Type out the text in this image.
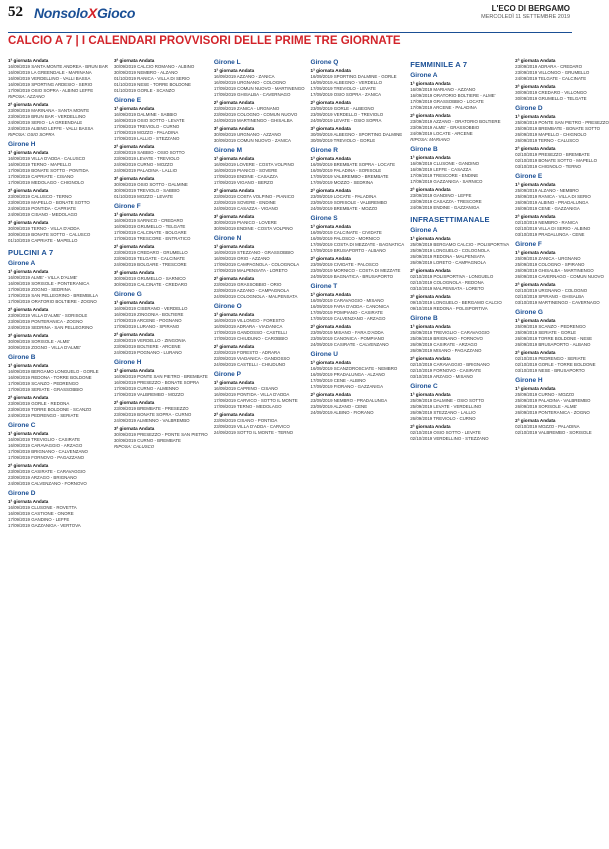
52 NonsoloXGioco	L'ECO DI BERGAMO
MERCOLEDÌ 11 SETTEMBRE 2019
CALCIO A 7 | I CALENDARI PROVVISORI DELLE PRIME TRE GIORNATE
1ª giornata Andata
16/09/2019 SANTA MONTE ANDREA - BRUN BAR
16/09/2019 LA GREENDALE - MARINANA
16/09/2019 VERDELLINO - VALLI BASSA
16/09/2019 SPORTING ARDESIO - SERIO
17/09/2019 OSIO SOPRA - ALBINO LEFFE
RIPOSA: AZZANO
2ª giornata Andata
23/09/2019 MARINANA - SANTA MONTE
23/09/2019 BRUN BAR - VERDELLINO
24/09/2019 SERIO - LA GREENDALE
24/09/2019 ALBINO LEFFE - VALLI BASSA
RIPOSA: OSIO SOPRA
Girone H
1ª giornata Andata
16/09/2019 VILLA D'ADDA - CALUSCO
16/09/2019 TERNO - MAPELLO
17/09/2019 BONATE SOTTO - PONTIDA
17/09/2019 CAPRIATE - CISANO
17/09/2019 MEDOLAGO - CHIGNOLO
2ª giornata Andata
23/09/2019 CALUSCO - TERNO
23/09/2019 MAPELLO - BONATE SOTTO
24/09/2019 PONTIDA - CAPRIATE
24/09/2019 CISANO - MEDOLAGO
3ª giornata Andata
30/09/2019 TERNO - VILLA D'ADDA
30/09/2019 BONATE SOTTO - CALUSCO
01/10/2019 CAPRIATE - MAPELLO
PULCINI A 7
Girone A
1ª giornata Andata
16/09/2019 ALME' - VILLA D'ALME'
16/09/2019 SORISOLE - PONTERANICA
17/09/2019 ZOGNO - SEDRINA
17/09/2019 SAN PELLEGRINO - BREMBILLA
17/09/2019 ORATORIO BOLTIERE - ZOGNO
2ª giornata Andata
23/09/2019 VILLA D'ALME' - SORISOLE
23/09/2019 PONTERANICA - ZOGNO
24/09/2019 SEDRINA - SAN PELLEGRINO
3ª giornata Andata
30/09/2019 SORISOLE - ALME'
30/09/2019 ZOGNO - VILLA D'ALME'
Girone B
1ª giornata Andata
16/09/2019 BERGAMO LONGUELO - GORLE
16/09/2019 REDONA - TORRE BOLDONE
17/09/2019 SCANZO - PEDRENGO
17/09/2019 SERIATE - GRASSOBBIO
2ª giornata Andata
23/09/2019 GORLE - REDONA
23/09/2019 TORRE BOLDONE - SCANZO
24/09/2019 PEDRENGO - SERIATE
Girone C
1ª giornata Andata
16/09/2019 TREVIGLIO - CASIRATE
16/09/2019 CARAVAGGIO - ARZAGO
17/09/2019 BRIGNANO - CALVENZANO
17/09/2019 FORNOVO - PAGAZZANO
2ª giornata Andata
23/09/2019 CASIRATE - CARAVAGGIO
23/09/2019 ARZAGO - BRIGNANO
24/09/2019 CALVENZANO - FORNOVO
Girone D
1ª giornata Andata
16/09/2019 CLUSONE - ROVETTA
16/09/2019 CASTIONE - ONORE
17/09/2019 GANDINO - LEFFE
17/09/2019 GAZZANIGA - VERTOVA
3ª giornata Andata
30/09/2019 CALCIO ROMANO - ALBINO
30/09/2019 NEMBRO - ALZANO
01/10/2019 RANICA - VILLA DI SERIO
01/10/2019 NESE - TORRE BOLDONE
01/10/2019 GORLE - SCANZO
Girone E
1ª giornata Andata
16/09/2019 DALMINE - SABBIO
16/09/2019 OSIO SOTTO - LEVATE
17/09/2019 TREVIOLO - CURNO
17/09/2019 MOZZO - PALADINA
17/09/2019 LALLIO - STEZZANO
2ª giornata Andata
23/09/2019 SABBIO - OSIO SOTTO
23/09/2019 LEVATE - TREVIOLO
24/09/2019 CURNO - MOZZO
24/09/2019 PALADINA - LALLIO
3ª giornata Andata
30/09/2019 OSIO SOTTO - DALMINE
30/09/2019 TREVIOLO - SABBIO
01/10/2019 MOZZO - LEVATE
Girone F
1ª giornata Andata
16/09/2019 SARNICO - CREDARO
16/09/2019 GRUMELLO - TELGATE
17/09/2019 CALCINATE - BOLGARE
17/09/2019 TRESCORE - ENTRATICO
2ª giornata Andata
23/09/2019 CREDARO - GRUMELLO
23/09/2019 TELGATE - CALCINATE
24/09/2019 BOLGARE - TRESCORE
3ª giornata Andata
30/09/2019 GRUMELLO - SARNICO
30/09/2019 CALCINATE - CREDARO
Girone G
1ª giornata Andata
16/09/2019 CISERANO - VERDELLO
16/09/2019 ZINGONIA - BOLTIERE
17/09/2019 ARCENE - POGNANO
17/09/2019 LURANO - SPIRANO
2ª giornata Andata
23/09/2019 VERDELLO - ZINGONIA
23/09/2019 BOLTIERE - ARCENE
24/09/2019 POGNANO - LURANO
Girone H
1ª giornata Andata
16/09/2019 PONTE SAN PIETRO - BREMBATE
16/09/2019 PRESEZZO - BONATE SOPRA
17/09/2019 CURNO - ALMENNO
17/09/2019 VALBREMBO - MOZZO
2ª giornata Andata
23/09/2019 BREMBATE - PRESEZZO
23/09/2019 BONATE SOPRA - CURNO
24/09/2019 ALMENNO - VALBREMBO
3ª giornata Andata
30/09/2019 PRESEZZO - PONTE SAN PIETRO
30/09/2019 CURNO - BREMBATE
RIPOSA: CALUSCO
Girone L
1ª giornata Andata
16/09/2019 AZZANO - ZANICA
16/09/2019 URGNANO - COLOGNO
17/09/2019 COMUN NUOVO - MARTINENGO
17/09/2019 GHISALBA - CAVERNAGO
2ª giornata Andata
23/09/2019 ZANICA - URGNANO
23/09/2019 COLOGNO - COMUN NUOVO
24/09/2019 MARTINENGO - GHISALBA
3ª giornata Andata
30/09/2019 URGNANO - AZZANO
30/09/2019 COMUN NUOVO - ZANICA
Girone M
1ª giornata Andata
16/09/2019 LOVERE - COSTA VOLPINO
16/09/2019 PIANICO - SOVERE
17/09/2019 ENDINE - CASAZZA
17/09/2019 VIGANO - BERZO
2ª giornata Andata
23/09/2019 COSTA VOLPINO - PIANICO
23/09/2019 SOVERE - ENDINE
24/09/2019 CASAZZA - VIGANO
3ª giornata Andata
30/09/2019 PIANICO - LOVERE
30/09/2019 ENDINE - COSTA VOLPINO
Girone N
1ª giornata Andata
16/09/2019 STEZZANO - GRASSOBBIO
16/09/2019 ORIO - AZZANO
17/09/2019 CAMPAGNOLA - COLOGNOLA
17/09/2019 MALPENSATA - LORETO
2ª giornata Andata
23/09/2019 GRASSOBBIO - ORIO
23/09/2019 AZZANO - CAMPAGNOLA
24/09/2019 COLOGNOLA - MALPENSATA
Girone O
1ª giornata Andata
16/09/2019 VILLONGO - FORESTO
16/09/2019 ADRARA - VIADANICA
17/09/2019 GANDOSSO - CASTELLI
17/09/2019 CHIUDUNO - CAROBBIO
2ª giornata Andata
23/09/2019 FORESTO - ADRARA
23/09/2019 VIADANICA - GANDOSSO
24/09/2019 CASTELLI - CHIUDUNO
Girone P
1ª giornata Andata
16/09/2019 CAPRINO - CISANO
16/09/2019 PONTIDA - VILLA D'ADDA
17/09/2019 CARVICO - SOTTO IL MONTE
17/09/2019 TERNO - MEDOLAGO
2ª giornata Andata
23/09/2019 CISANO - PONTIDA
23/09/2019 VILLA D'ADDA - CARVICO
24/09/2019 SOTTO IL MONTE - TERNO
Girone Q
1ª giornata Andata
16/09/2019 SPORTING DALMINE - GORLE
16/09/2019 ALBEGNO - VERDELLO
17/09/2019 TREVIOLO - LEVATE
17/09/2019 OSIO SOPRA - ZANICA
2ª giornata Andata
23/09/2019 GORLE - ALBEGNO
23/09/2019 VERDELLO - TREVIOLO
24/09/2019 LEVATE - OSIO SOPRA
3ª giornata Andata
30/09/2019 ALBEGNO - SPORTING DALMINE
30/09/2019 TREVIOLO - GORLE
Girone R
1ª giornata Andata
16/09/2019 BREMBATE SOPRA - LOCATE
16/09/2019 PALADINA - SORISOLE
17/09/2019 VALBREMBO - BREMBATE
17/09/2019 MOZZO - SEDRINA
2ª giornata Andata
23/09/2019 LOCATE - PALADINA
23/09/2019 SORISOLE - VALBREMBO
24/09/2019 BREMBATE - MOZZO
Girone S
1ª giornata Andata
16/09/2019 CALCINATE - CIVIDATE
16/09/2019 PALOSCO - MORNICO
17/09/2019 COSTA DI MEZZATE - BAGNATICA
17/09/2019 BRUSAPORTO - ALBANO
2ª giornata Andata
23/09/2019 CIVIDATE - PALOSCO
23/09/2019 MORNICO - COSTA DI MEZZATE
24/09/2019 BAGNATICA - BRUSAPORTO
Girone T
1ª giornata Andata
16/09/2019 CARAVAGGIO - MISANO
16/09/2019 FARA D'ADDA - CANONICA
17/09/2019 POMPIANO - CASIRATE
17/09/2019 CALVENZANO - ARZAGO
2ª giornata Andata
23/09/2019 MISANO - FARA D'ADDA
23/09/2019 CANONICA - POMPIANO
24/09/2019 CASIRATE - CALVENZANO
Girone U
1ª giornata Andata
16/09/2019 SCANZOROSCIATE - NEMBRO
16/09/2019 PRADALUNGA - ALZANO
17/09/2019 CENE - ALBINO
17/09/2019 FIORANO - GAZZANIGA
2ª giornata Andata
23/09/2019 NEMBRO - PRADALUNGA
23/09/2019 ALZANO - CENE
24/09/2019 ALBINO - FIORANO
FEMMINILE A 7
Girone A
1ª giornata Andata
16/09/2019 MARIANO - AZZANO
16/09/2019 ORATORIO BOLTIERE - ALME'
17/09/2019 GRASSOBBIO - LOCATE
17/09/2019 ARCENE - PALADINA
2ª giornata Andata
23/09/2019 AZZANO - ORATORIO BOLTIERE
23/09/2019 ALME' - GRASSOBBIO
24/09/2019 LOCATE - ARCENE
RIPOSA: MARIANO
Girone B
1ª giornata Andata
16/09/2019 CLUSONE - GANDINO
16/09/2019 LEFFE - CASAZZA
17/09/2019 TRESCORE - ENDINE
17/09/2019 GAZZANIGA - SARNICO
2ª giornata Andata
23/09/2019 GANDINO - LEFFE
23/09/2019 CASAZZA - TRESCORE
24/09/2019 ENDINE - GAZZANIGA
INFRASETTIMANALE
Girone A
1ª giornata Andata
25/09/2019 BERGAMO CALCIO - POLISPORTIVA
25/09/2019 LONGUELO - COLOGNOLA
26/09/2019 REDONA - MALPENSATA
26/09/2019 LORETO - CAMPAGNOLA
2ª giornata Andata
02/10/2019 POLISPORTIVA - LONGUELO
02/10/2019 COLOGNOLA - REDONA
03/10/2019 MALPENSATA - LORETO
3ª giornata Andata
09/10/2019 LONGUELO - BERGAMO CALCIO
09/10/2019 REDONA - POLISPORTIVA
Girone B
1ª giornata Andata
25/09/2019 TREVIGLIO - CARAVAGGIO
25/09/2019 BRIGNANO - FORNOVO
26/09/2019 CASIRATE - ARZAGO
26/09/2019 MISANO - PAGAZZANO
2ª giornata Andata
02/10/2019 CARAVAGGIO - BRIGNANO
02/10/2019 FORNOVO - CASIRATE
03/10/2019 ARZAGO - MISANO
Girone C
1ª giornata Andata
25/09/2019 DALMINE - OSIO SOTTO
25/09/2019 LEVATE - VERDELLINO
26/09/2019 STEZZANO - LALLIO
26/09/2019 TREVIOLO - CURNO
2ª giornata Andata
02/10/2019 OSIO SOTTO - LEVATE
02/10/2019 VERDELLINO - STEZZANO
2ª giornata Andata
23/09/2019 ADRARA - CREDARO
23/09/2019 VILLONGO - GRUMELLO
24/09/2019 TELGATE - CALCINATE
3ª giornata Andata
30/09/2019 CREDARO - VILLONGO
30/09/2019 GRUMELLO - TELGATE
Girone D
1ª giornata Andata
25/09/2019 PONTE SAN PIETRO - PRESEZZO
25/09/2019 BREMBATE - BONATE SOTTO
26/09/2019 MAPELLO - CHIGNOLO
26/09/2019 TERNO - CALUSCO
2ª giornata Andata
02/10/2019 PRESEZZO - BREMBATE
02/10/2019 BONATE SOTTO - MAPELLO
03/10/2019 CHIGNOLO - TERNO
Girone E
1ª giornata Andata
25/09/2019 ALZANO - NEMBRO
25/09/2019 RANICA - VILLA DI SERIO
26/09/2019 ALBINO - PRADALUNGA
26/09/2019 CENE - GAZZANIGA
2ª giornata Andata
02/10/2019 NEMBRO - RANICA
02/10/2019 VILLA DI SERIO - ALBINO
03/10/2019 PRADALUNGA - CENE
Girone F
1ª giornata Andata
25/09/2019 ZANICA - URGNANO
25/09/2019 COLOGNO - SPIRANO
26/09/2019 GHISALBA - MARTINENGO
26/09/2019 CAVERNAGO - COMUN NUOVO
2ª giornata Andata
02/10/2019 URGNANO - COLOGNO
02/10/2019 SPIRANO - GHISALBA
03/10/2019 MARTINENGO - CAVERNAGO
Girone G
1ª giornata Andata
25/09/2019 SCANZO - PEDRENGO
25/09/2019 SERIATE - GORLE
26/09/2019 TORRE BOLDONE - NESE
26/09/2019 BRUSAPORTO - ALBANO
2ª giornata Andata
02/10/2019 PEDRENGO - SERIATE
02/10/2019 GORLE - TORRE BOLDONE
03/10/2019 NESE - BRUSAPORTO
Girone H
1ª giornata Andata
25/09/2019 CURNO - MOZZO
25/09/2019 PALADINA - VALBREMBO
26/09/2019 SORISOLE - ALME'
26/09/2019 PONTERANICA - ZOGNO
2ª giornata Andata
02/10/2019 MOZZO - PALADINA
02/10/2019 VALBREMBO - SORISOLE
